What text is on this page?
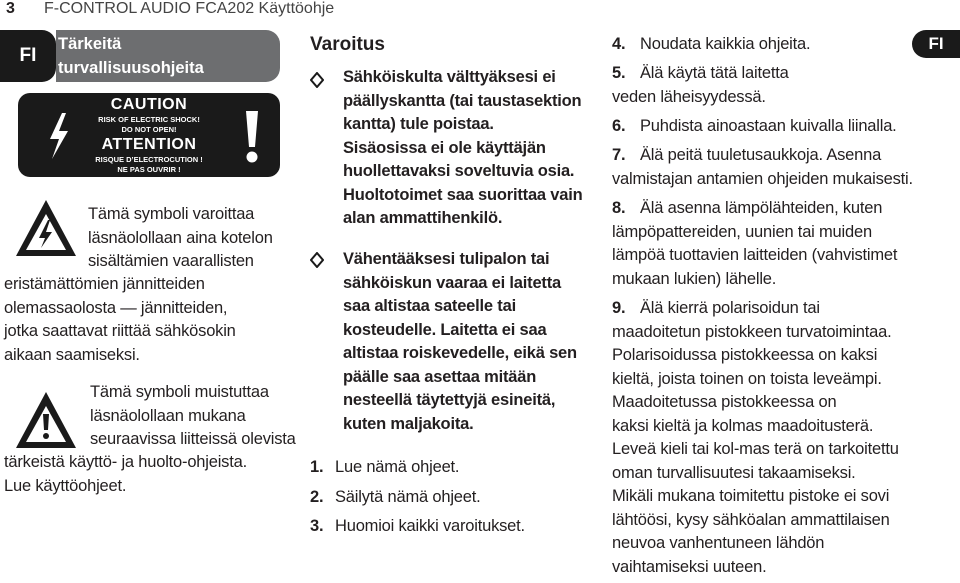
3 F-CONTROL AUDIO FCA202 Käyttöohje
FI
Tärkeitä
turvallisuusohjeita
FI
CAUTION
RISK OF ELECTRIC SHOCK!
DO NOT OPEN!
ATTENTION
RISQUE D’ELECTROCUTION !
NE PAS OUVRIR !

Tämä symboli varoittaa

läsnäolollaan aina kotelon

sisältämien vaarallisten

eristämättömien jännitteiden

olemassaolosta — jännitteiden,

jotka saattavat riittää sähkösokin

aikaan saamiseksi.

Tämä symboli muistuttaa

läsnäolollaan mukana

seuraavissa liitteissä olevista

tärkeistä käyttö- ja huolto-ohjeista.

Lue käyttöohjeet.

Varoitus

Sähköiskulta välttyäksesi ei

päällyskantta (tai taustasektion

kantta) tule poistaa.

Sisäosissa ei ole käyttäjän

huollettavaksi soveltuvia osia.

Huoltotoimet saa suorittaa vain

alan ammattihenkilö.

Vähentääksesi tulipalon tai

sähköiskun vaaraa ei laitetta

saa altistaa sateelle tai

kosteudelle. Laitetta ei saa

altistaa roiskevedelle, eikä sen

päälle saa asettaa mitään

nesteellä täytettyjä esineitä,

kuten maljakoita.

1. Lue nämä ohjeet.
2. Säilytä nämä ohjeet.
3. Huomioi kaikki varoitukset.
4. Noudata kaikkia ohjeita.
5. Älä käytä tätä laitetta
veden läheisyydessä.
6. Puhdista ainoastaan kuivalla liinalla.
7. Älä peitä tuuletusaukkoja. Asenna
valmistajan antamien ohjeiden mukaisesti.
8. Älä asenna lämpölähteiden, kuten
lämpöpattereiden, uunien tai muiden
lämpöä tuottavien laitteiden (vahvistimet
mukaan lukien) lähelle.
9. Älä kierrä polarisoidun tai
maadoitetun pistokkeen turvatoimintaa.
Polarisoidussa pistokkeessa on kaksi
kieltä, joista toinen on toista leveämpi.
Maadoitetussa pistokkeessa on
kaksi kieltä ja kolmas maadoitusterä.
Leveä kieli tai kol-mas terä on tarkoitettu
oman turvallisuutesi takaamiseksi.
Mikäli mukana toimitettu pistoke ei sovi
lähtöösi, kysy sähköalan ammattilaisen
neuvoa vanhentuneen lähdön
vaihtamiseksi uuteen.
